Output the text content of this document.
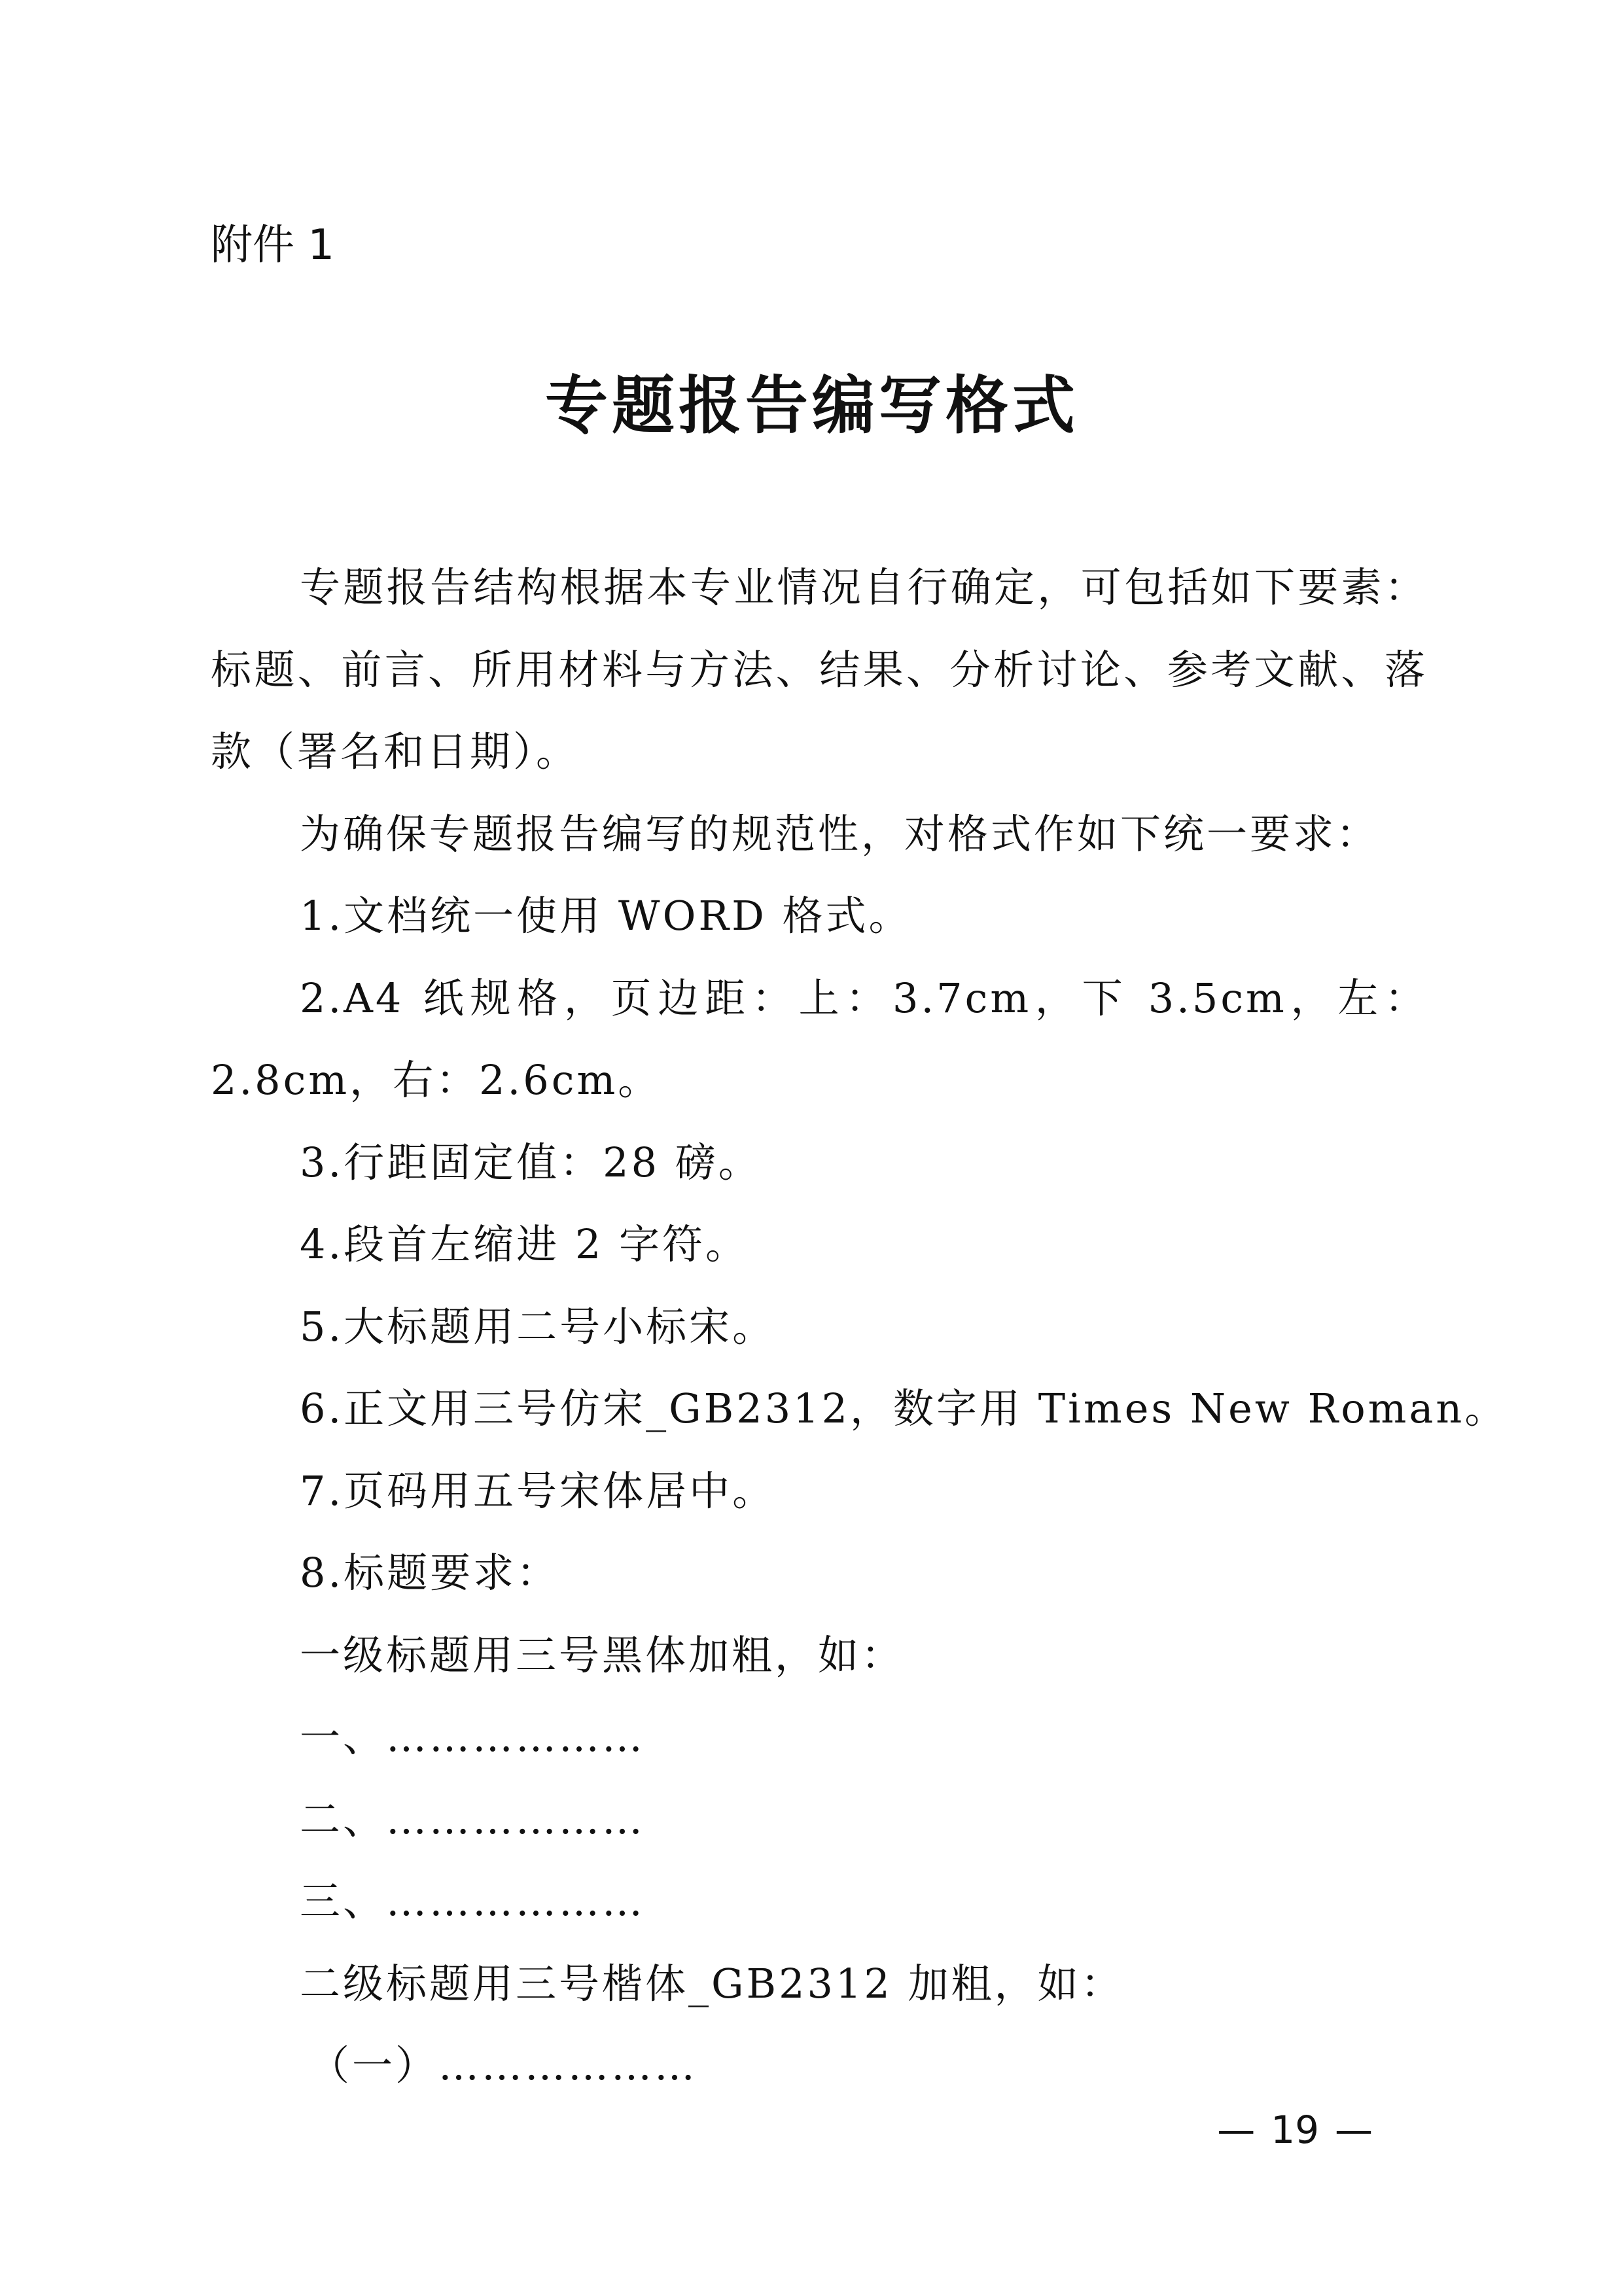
附件 1
专题报告编写格式

专题报告结构根据本专业情况自行确定，可包括如下要素：标题、前言、所用材料与方法、结果、分析讨论、参考文献、落款（署名和日期）。

为确保专题报告编写的规范性，对格式作如下统一要求：

1.文档统一使用 WORD 格式。

2.A4 纸规格，页边距：上：3.7cm，下 3.5cm，左：2.8cm，右：2.6cm。

3.行距固定值：28 磅。

4.段首左缩进 2 字符。

5.大标题用二号小标宋。

6.正文用三号仿宋_GB2312，数字用 Times New Roman。

7.页码用五号宋体居中。

8.标题要求：

一级标题用三号黑体加粗，如：

一、………………

二、………………

三、………………

二级标题用三号楷体_GB2312 加粗，如：

（一）………………

— 19 —
